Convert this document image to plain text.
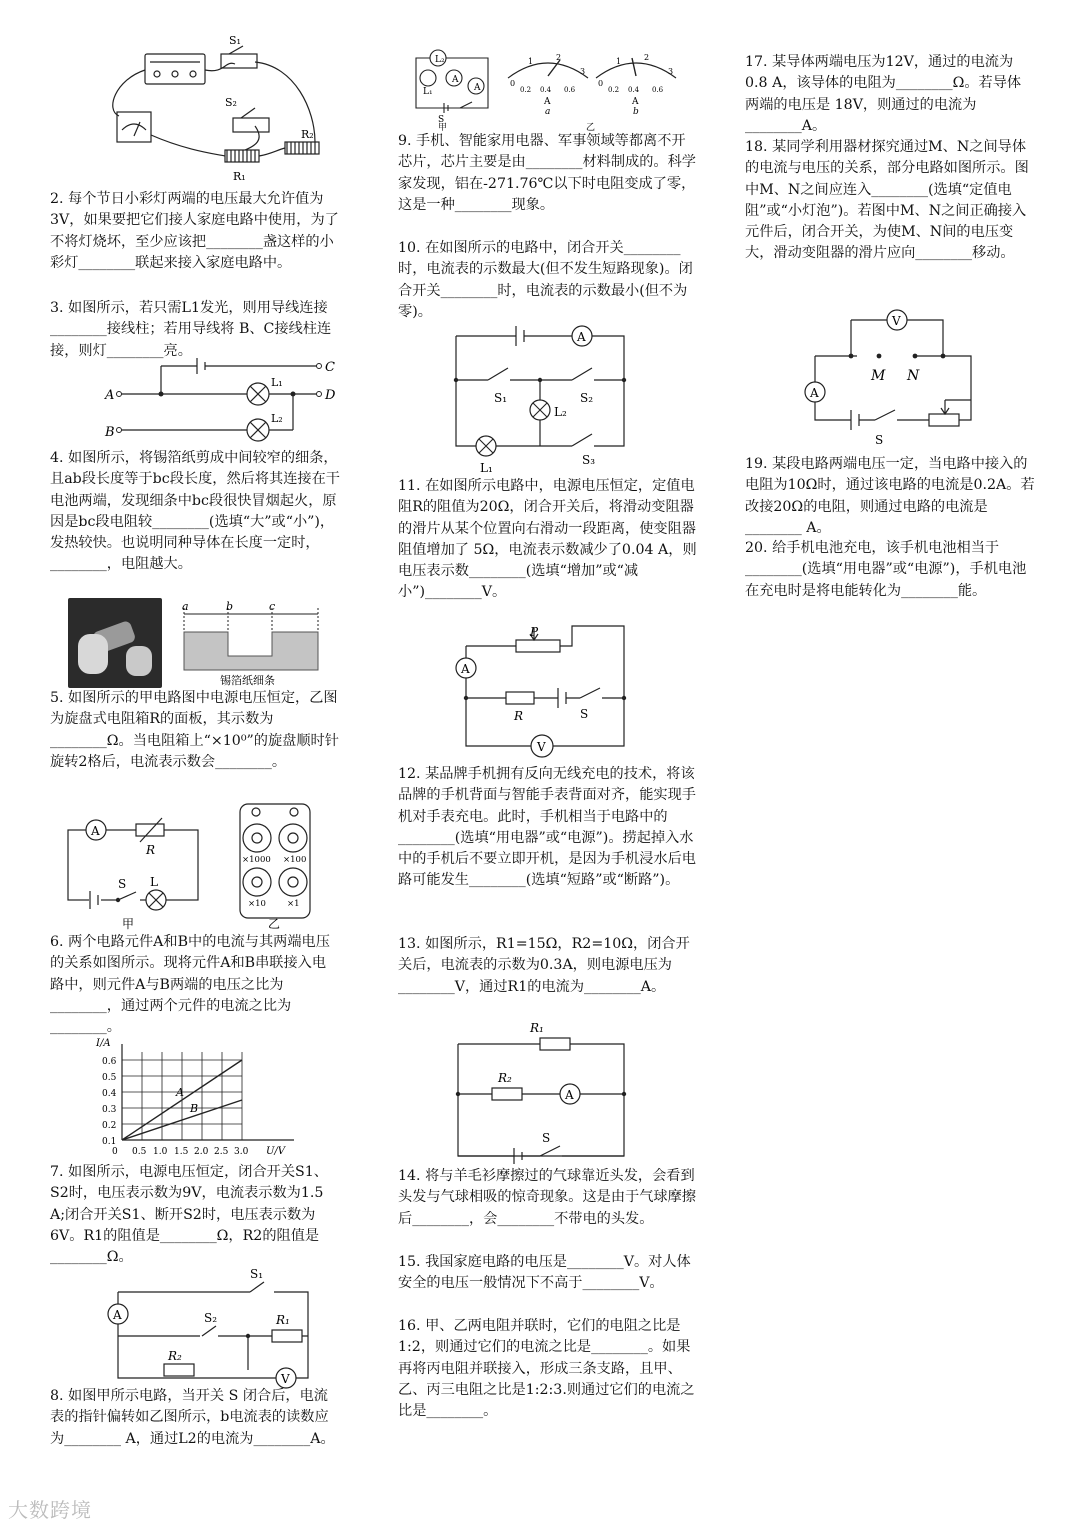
S₁
S₂
R₁
R₂

2. 每个节日小彩灯两端的电压最大允许值为3V，如果要把它们接人家庭电路中使用，为了不将灯烧坏，至少应该把________盏这样的小彩灯________联起来接入家庭电路中。

3. 如图所示，若只需L1发光，则用导线连接________接线柱；若用导线将 B、C接线柱连接，则灯________亮。

A
B
C
D
L₁
L₂

4. 如图所示，将锡箔纸剪成中间较窄的细条，且ab段长度等于bc段长度，然后将其连接在干电池两端，发现细条中bc段很快冒烟起火，原因是bc段电阻较________(选填“大”或“小”)，发热较快。也说明同种导体在长度一定时，________，电阻越大。

a	b	c
锡箔纸细条

5. 如图所示的甲电路图中电源电压恒定，乙图为旋盘式电阻箱R的面板，其示数为________Ω。当电阻箱上“×10⁰”的旋盘顺时针旋转2格后，电流表示数会________。

A
R
S L
甲	乙
×1000 ×100
×10 ×1

6. 两个电路元件A和B中的电流与其两端电压的关系如图所示。现将元件A和B串联接入电路中，则元件A与B两端的电压之比为________，通过两个元件的电流之比为________。

I/A
U/V
A
B
0.6
0.5
0.4
0.3
0.2
0.1
0 0.5 1.0 1.5 2.0 2.5 3.0

7. 如图所示，电源电压恒定，闭合开关S1、S2时，电压表示数为9V，电流表示数为1.5 A;闭合开关S1、断开S2时，电压表示数为6V。R1的阻值是________Ω，R2的阻值是________Ω。

A
V
S₁
S₂	R₁
R₂

8. 如图甲所示电路，当开关 S 闭合后，电流表的指针偏转如乙图所示，b电流表的读数应为________ A，通过L2的电流为________A。

L₂
L₁	A
A
S
0
1	2
3
0.2 0.4 0.6
0
1	2
3
0.2 0.4 0.6
A
a
A
b
甲	乙

9. 手机、智能家用电器、军事领域等都离不开芯片，芯片主要是由________材料制成的。科学家发现，铝在-271.76℃以下时电阻变成了零，这是一种________现象。

10. 在如图所示的电路中，闭合开关________时，电流表的示数最大(但不发生短路现象)。闭合开关________时，电流表的示数最小(但不为零)。

A
S₁	S₂
S₃
L₁
L₂

11. 在如图所示电路中，电源电压恒定，定值电阻R的阻值为20Ω，闭合开关后，将滑动变阻器的滑片从某个位置向右滑动一段距离，使变阻器阻值增加了 5Ω，电流表示数减少了0.04 A，则电压表示数________(选填“增加”或“减小”)________V。

P
A
R	S
V

12. 某品牌手机拥有反向无线充电的技术，将该品牌的手机背面与智能手表背面对齐，能实现手机对手表充电。此时，手机相当于电路中的________(选填“用电器”或“电源”)。捞起掉入水中的手机后不要立即开机，是因为手机浸水后电路可能发生________(选填“短路”或“断路”)。

13. 如图所示，R1=15Ω，R2=10Ω，闭合开关后，电流表的示数为0.3A，则电源电压为________V，通过R1的电流为________A。

R₁
R₂
A
S

14. 将与羊毛衫摩擦过的气球靠近头发，会看到头发与气球相吸的惊奇现象。这是由于气球摩擦后________，会________不带电的头发。

15. 我国家庭电路的电压是________V。对人体安全的电压一般情况下不高于________V。

16. 甲、乙两电阻并联时，它们的电阻之比是1:2，则通过它们的电流之比是________。如果再将丙电阻并联接入，形成三条支路，且甲、乙、丙三电阻之比是1:2:3.则通过它们的电流之比是________。

17. 某导体两端电压为12V，通过的电流为0.8 A，该导体的电阻为________Ω。若导体两端的电压是 18V，则通过的电流为________A。

18. 某同学利用器材探究通过M、N之间导体的电流与电压的关系，部分电路如图所示。图中M、N之间应连入________(选填“定值电阻”或“小灯泡”)。若图中M、N之间正确接入元件后，闭合开关，为使M、N间的电压变大，滑动变阻器的滑片应向________移动。

V
M N
A
S

19. 某段电路两端电压一定，当电路中接入的电阻为10Ω时，通过该电路的电流是0.2A。若改接20Ω的电阻，则通过电路的电流是________ A。

20. 给手机电池充电，该手机电池相当于________(选填“用电器”或“电源”)，手机电池在充电时是将电能转化为________能。

大数跨境
